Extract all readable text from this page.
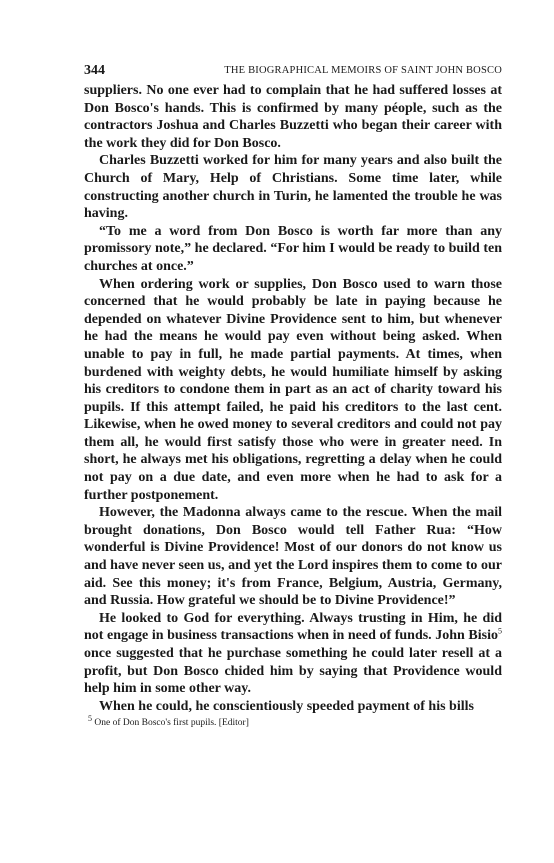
344	THE BIOGRAPHICAL MEMOIRS OF SAINT JOHN BOSCO

suppliers. No one ever had to complain that he had suffered losses at Don Bosco's hands. This is confirmed by many péople, such as the contractors Joshua and Charles Buzzetti who began their career with the work they did for Don Bosco.

Charles Buzzetti worked for him for many years and also built the Church of Mary, Help of Christians. Some time later, while constructing another church in Turin, he lamented the trouble he was having.

“To me a word from Don Bosco is worth far more than any promissory note,” he declared. “For him I would be ready to build ten churches at once.”

When ordering work or supplies, Don Bosco used to warn those concerned that he would probably be late in paying because he depended on whatever Divine Providence sent to him, but whenever he had the means he would pay even without being asked. When unable to pay in full, he made partial payments. At times, when burdened with weighty debts, he would humiliate himself by asking his creditors to condone them in part as an act of charity toward his pupils. If this attempt failed, he paid his creditors to the last cent. Likewise, when he owed money to several creditors and could not pay them all, he would first satisfy those who were in greater need. In short, he always met his obligations, regretting a delay when he could not pay on a due date, and even more when he had to ask for a further postponement.

However, the Madonna always came to the rescue. When the mail brought donations, Don Bosco would tell Father Rua: “How wonderful is Divine Providence! Most of our donors do not know us and have never seen us, and yet the Lord inspires them to come to our aid. See this money; it's from France, Belgium, Austria, Germany, and Russia. How grateful we should be to Divine Providence!”

He looked to God for everything. Always trusting in Him, he did not engage in business transactions when in need of funds. John Bisio$^5$ once suggested that he purchase something he could later resell at a profit, but Don Bosco chided him by saying that Providence would help him in some other way.

When he could, he conscientiously speeded payment of his bills

$^5$ One of Don Bosco's first pupils. [Editor]
